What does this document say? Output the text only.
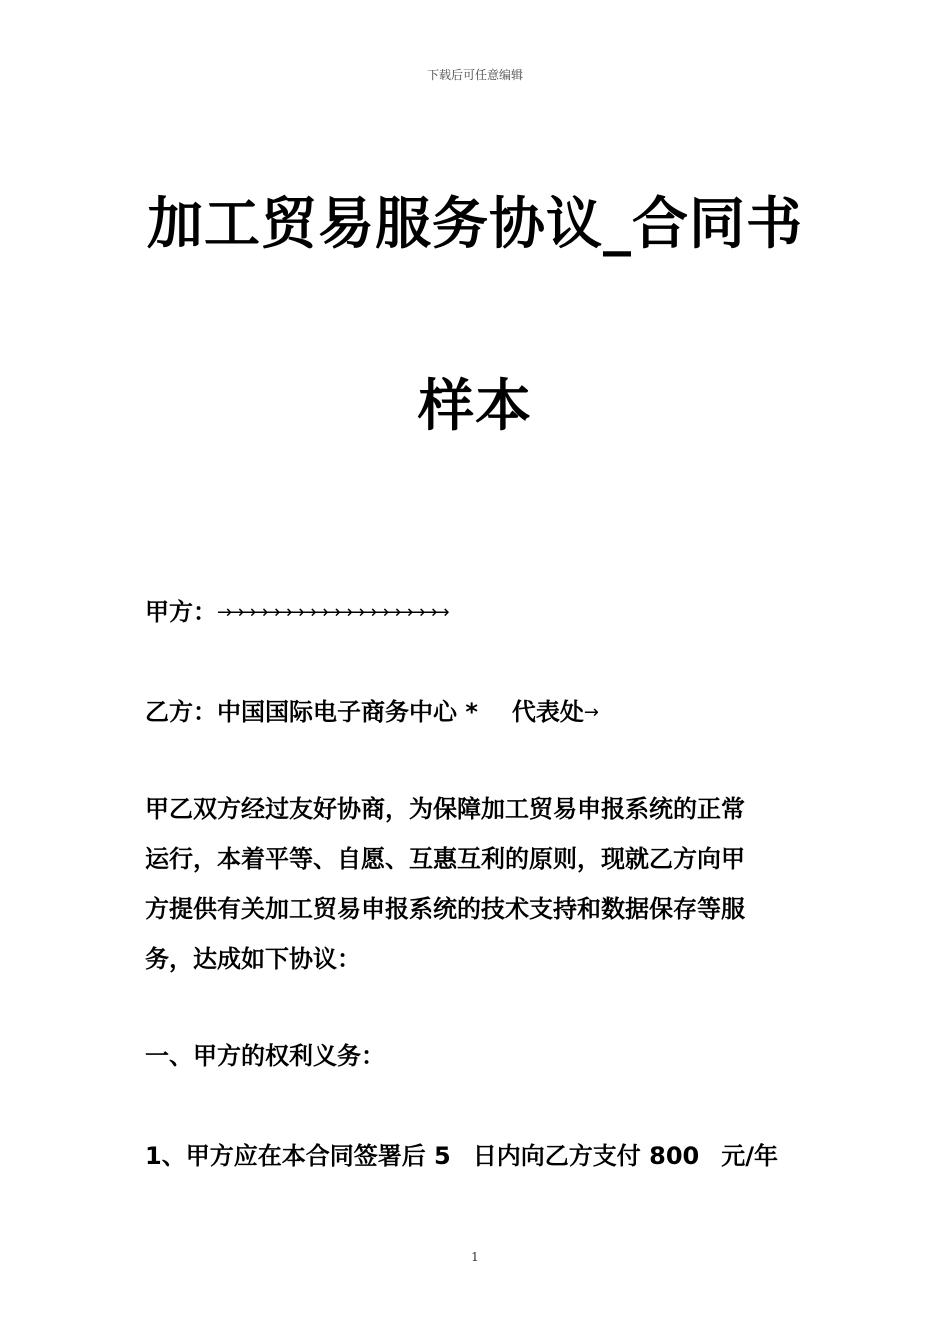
下载后可任意编辑
加工贸易服务协议_合同书
样本
甲方：→→→→→→→→→→→→→→→→→→→
乙方：中国国际电子商务中心 * 代表处→
甲乙双方经过友好协商，为保障加工贸易申报系统的正常
运行，本着平等、自愿、互惠互利的原则，现就乙方向甲
方提供有关加工贸易申报系统的技术支持和数据保存等服
务，达成如下协议：
一、甲方的权利义务：
1、甲方应在本合同签署后 5 日内向乙方支付 800 元/年
1
